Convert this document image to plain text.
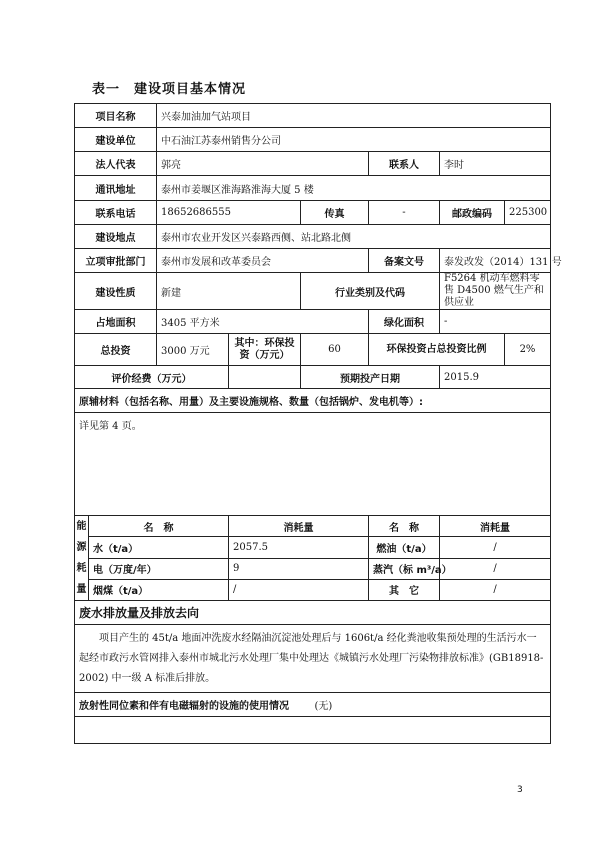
表一　建设项目基本情况
项目名称		兴泰加油加气站项目					
建设单位		中石油江苏泰州销售分公司					
法人代表		郭亮			联系人	李时	
通讯地址		泰州市姜堰区淮海路淮海大厦 5 楼					
联系电话		18652686555		传真	-	邮政编码	225300
建设地点		泰州市农业开发区兴泰路西侧、站北路北侧					
立项审批部门		泰州市发展和改革委员会			备案文号	泰发改发（2014）131 号	
建设性质		新建		行业类别及代码		F5264 机动车燃料零售 D4500 燃气生产和供应业	
占地面积		3405 平方米			绿化面积	-	
总投资		3000 万元	其中：环保投资（万元）	60	环保投资占总投资比例		2%
评价经费（万元）				预期投产日期		2015.9	
原辅材料（包括名称、用量）及主要设施规格、数量（包括锅炉、发电机等）:							
详见第 4 页。							
能源耗量	名　称		消耗量		名　称	消耗量	
	水（t/a）		2057.5		燃油（t/a）	/	
	电（万度/年）		9		蒸汽（标 m³/a）	/	
	烟煤（t/a）		/		其　它	/	
废水排放量及排放去向							
项目产生的 45t/a 地面冲洗废水经隔油沉淀池处理后与 1606t/a 经化粪池收集预处理的生活污水一起经市政污水管网排入泰州市城北污水处理厂集中处理达《城镇污水处理厂污染物排放标准》(GB18918-2002) 中一级 A 标准后排放。							
放射性同位素和伴有电磁辐射的设施的使用情况 (无)							

3
